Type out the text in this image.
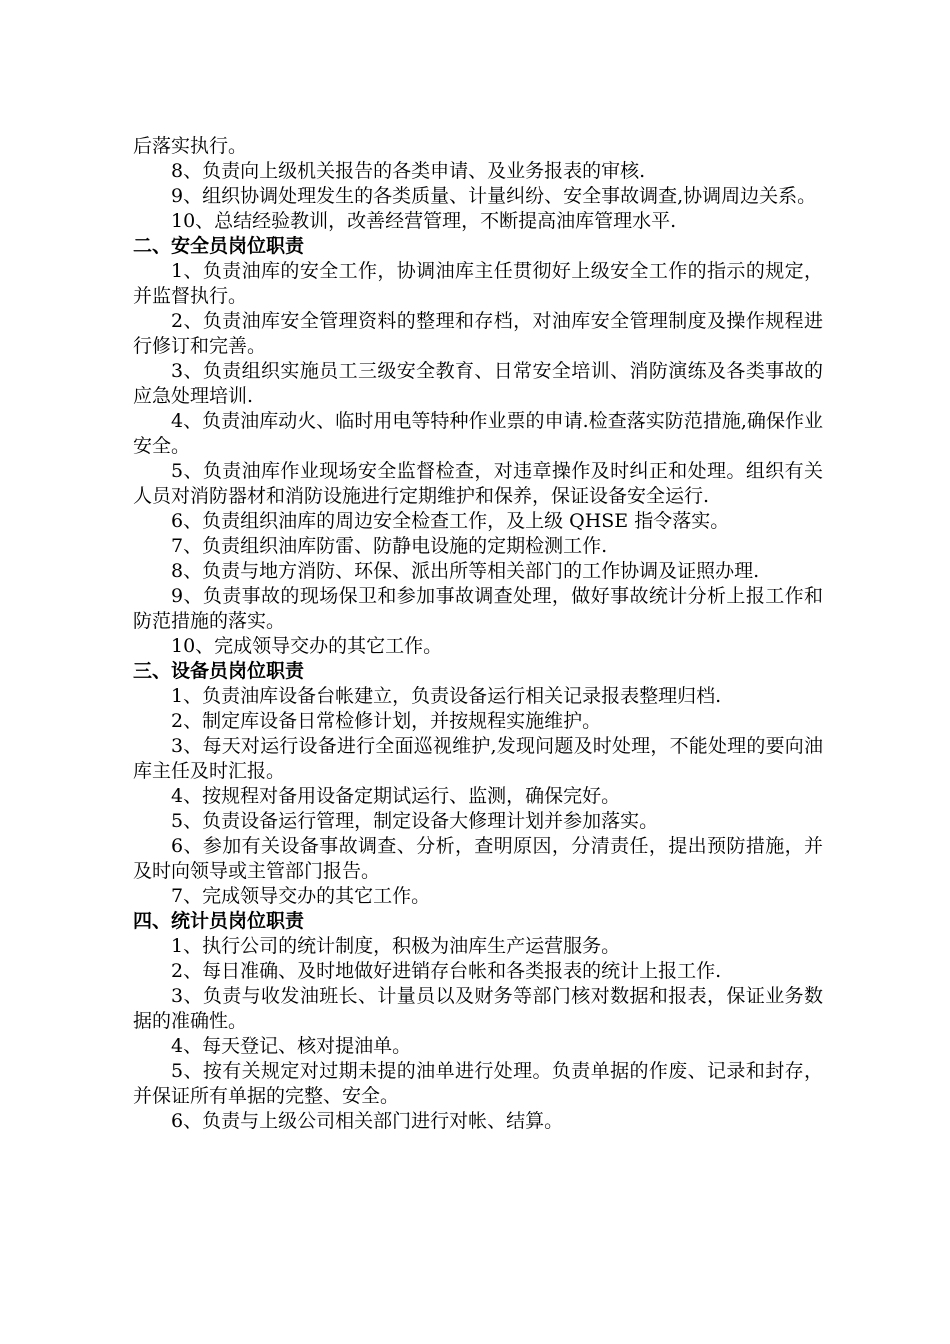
后落实执行。

8、负责向上级机关报告的各类申请、及业务报表的审核.

9、组织协调处理发生的各类质量、计量纠纷、安全事故调查,协调周边关系。

10、总结经验教训，改善经营管理，不断提高油库管理水平.

二、安全员岗位职责

1、负责油库的安全工作，协调油库主任贯彻好上级安全工作的指示的规定，并监督执行。

2、负责油库安全管理资料的整理和存档，对油库安全管理制度及操作规程进行修订和完善。

3、负责组织实施员工三级安全教育、日常安全培训、消防演练及各类事故的应急处理培训.

4、负责油库动火、临时用电等特种作业票的申请.检查落实防范措施,确保作业安全。

5、负责油库作业现场安全监督检查，对违章操作及时纠正和处理。组织有关人员对消防器材和消防设施进行定期维护和保养，保证设备安全运行.

6、负责组织油库的周边安全检查工作，及上级 QHSE 指令落实。

7、负责组织油库防雷、防静电设施的定期检测工作.

8、负责与地方消防、环保、派出所等相关部门的工作协调及证照办理.

9、负责事故的现场保卫和参加事故调查处理，做好事故统计分析上报工作和防范措施的落实。

10、完成领导交办的其它工作。

三、设备员岗位职责

1、负责油库设备台帐建立，负责设备运行相关记录报表整理归档.

2、制定库设备日常检修计划，并按规程实施维护。

3、每天对运行设备进行全面巡视维护,发现问题及时处理，不能处理的要向油库主任及时汇报。

4、按规程对备用设备定期试运行、监测，确保完好。

5、负责设备运行管理，制定设备大修理计划并参加落实。

6、参加有关设备事故调查、分析，查明原因，分清责任，提出预防措施，并及时向领导或主管部门报告。

7、完成领导交办的其它工作。

四、统计员岗位职责

1、执行公司的统计制度，积极为油库生产运营服务。

2、每日准确、及时地做好进销存台帐和各类报表的统计上报工作.

3、负责与收发油班长、计量员以及财务等部门核对数据和报表，保证业务数据的准确性。

4、每天登记、核对提油单。

5、按有关规定对过期未提的油单进行处理。负责单据的作废、记录和封存，并保证所有单据的完整、安全。

6、负责与上级公司相关部门进行对帐、结算。
